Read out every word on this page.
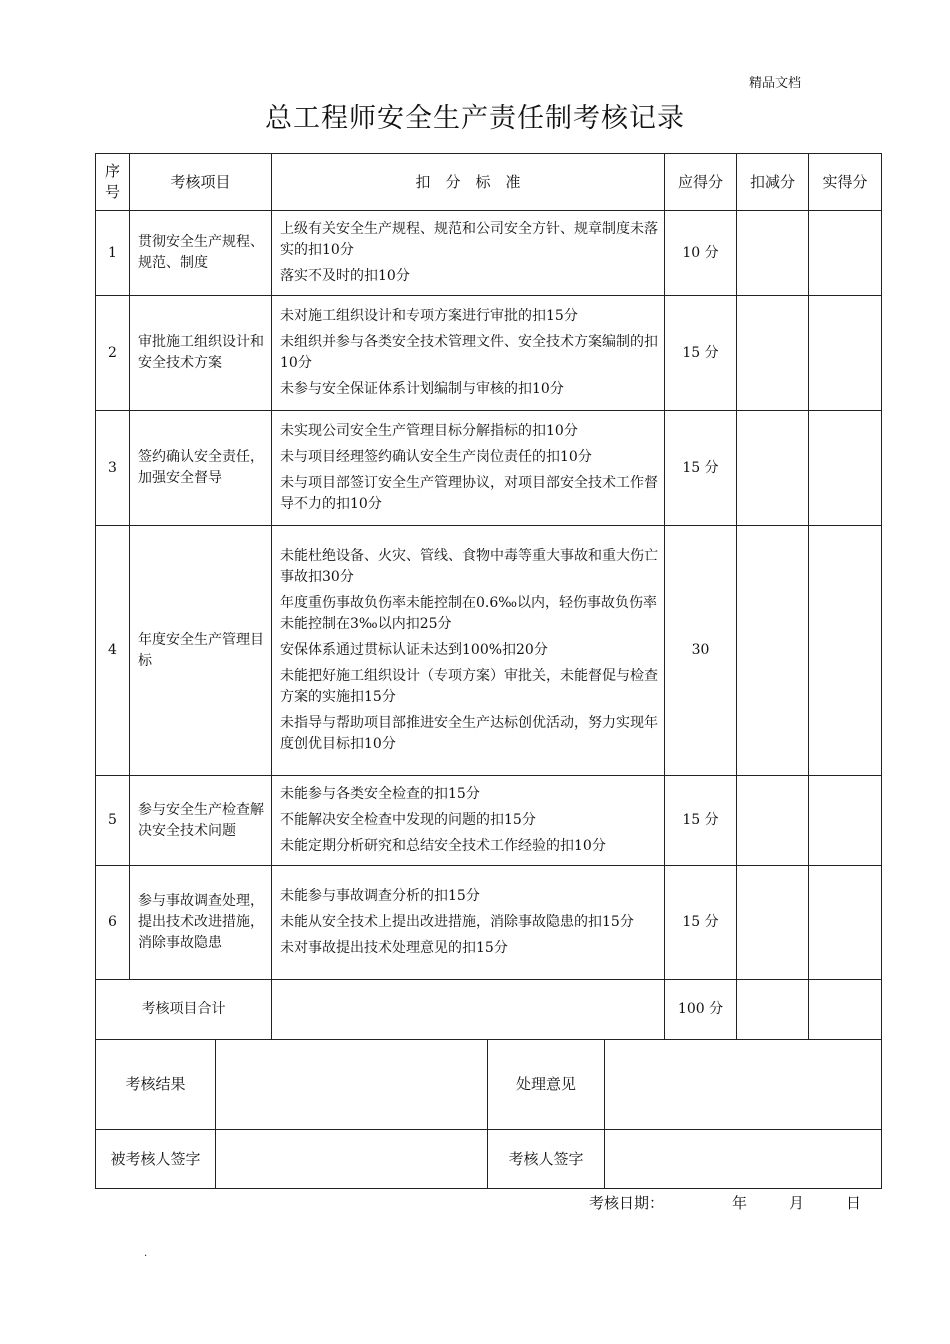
精品文档
总工程师安全生产责任制考核记录
序
号	考核项目	扣　分　标　准	应得分	扣减分	实得分
1	贯彻安全生产规程、规范、制度	上级有关安全生产规程、规范和公司安全方针、规章制度未落实的扣10分
落实不及时的扣10分	10 分		
2	审批施工组织设计和安全技术方案	未对施工组织设计和专项方案进行审批的扣15分
未组织并参与各类安全技术管理文件、安全技术方案编制的扣10分
未参与安全保证体系计划编制与审核的扣10分	15 分		
3	签约确认安全责任，加强安全督导	未实现公司安全生产管理目标分解指标的扣10分
未与项目经理签约确认安全生产岗位责任的扣10分
未与项目部签订安全生产管理协议，对项目部安全技术工作督导不力的扣10分	15 分		
4	年度安全生产管理目标	未能杜绝设备、火灾、管线、食物中毒等重大事故和重大伤亡事故扣30分
年度重伤事故负伤率未能控制在0.6‰以内，轻伤事故负伤率未能控制在3‰以内扣25分
安保体系通过贯标认证未达到100%扣20分
未能把好施工组织设计（专项方案）审批关，未能督促与检查方案的实施扣15分
未指导与帮助项目部推进安全生产达标创优活动，努力实现年度创优目标扣10分	30		
5	参与安全生产检查解决安全技术问题	未能参与各类安全检查的扣15分
不能解决安全检查中发现的问题的扣15分
未能定期分析研究和总结安全技术工作经验的扣10分	15 分		
6	参与事故调查处理，提出技术改进措施，消除事故隐患	未能参与事故调查分析的扣15分
未能从安全技术上提出改进措施，消除事故隐患的扣15分
未对事故提出技术处理意见的扣15分	15 分		
考核项目合计			100 分		
考核结果		处理意见	
被考核人签字		考核人签字	
考核日期：	年	月	日
.
